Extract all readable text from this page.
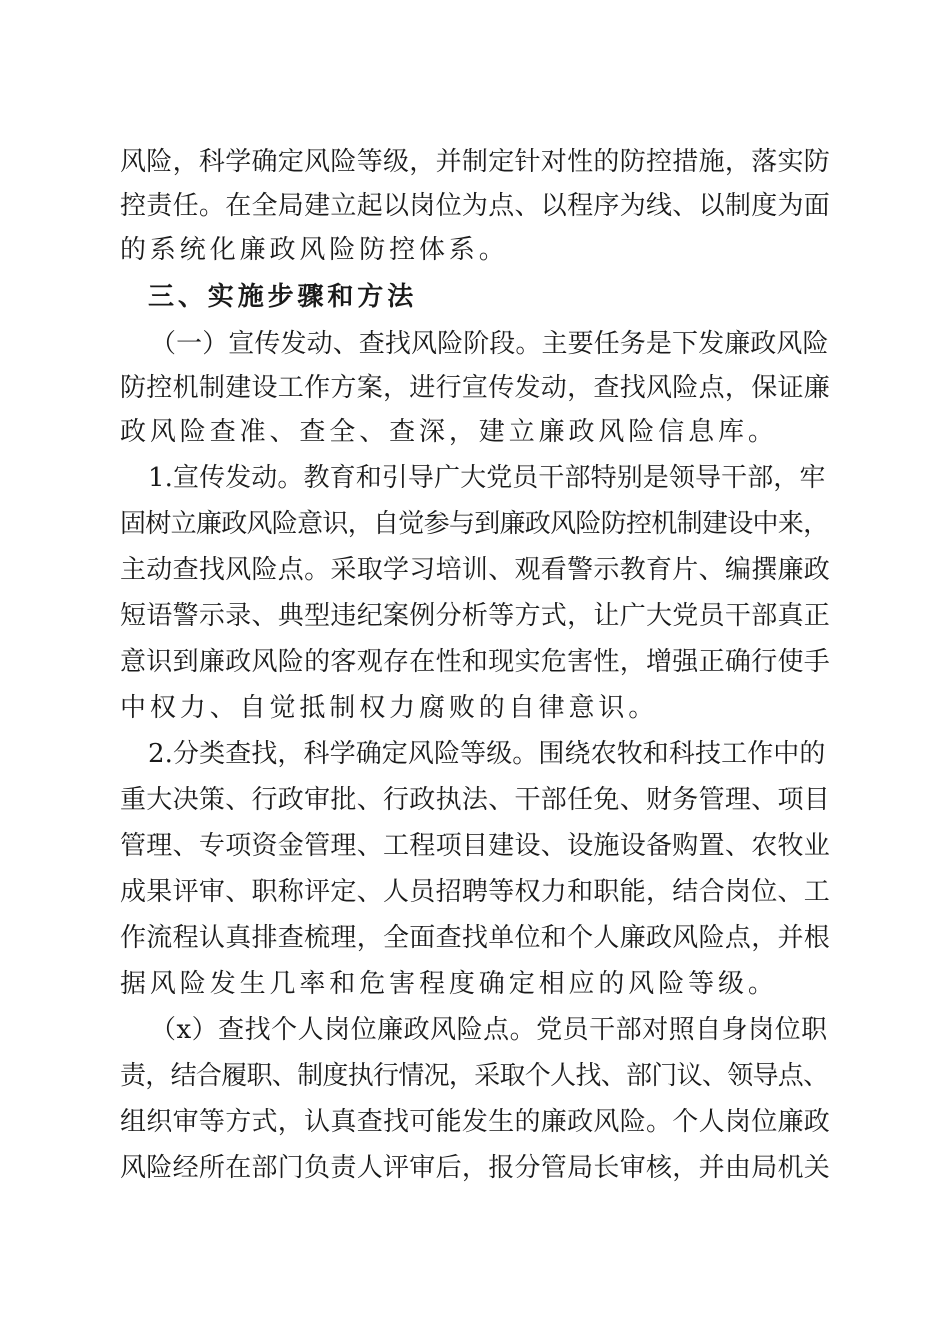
风险，科学确定风险等级，并制定针对性的防控措施，落实防
控责任。在全局建立起以岗位为点、以程序为线、以制度为面
的系统化廉政风险防控体系。
三、实施步骤和方法
（一）宣传发动、查找风险阶段。主要任务是下发廉政风险
防控机制建设工作方案，进行宣传发动，查找风险点，保证廉
政风险查准、查全、查深，建立廉政风险信息库。
1.宣传发动。教育和引导广大党员干部特别是领导干部，牢
固树立廉政风险意识，自觉参与到廉政风险防控机制建设中来，
主动查找风险点。采取学习培训、观看警示教育片、编撰廉政
短语警示录、典型违纪案例分析等方式，让广大党员干部真正
意识到廉政风险的客观存在性和现实危害性，增强正确行使手
中权力、自觉抵制权力腐败的自律意识。
2.分类查找，科学确定风险等级。围绕农牧和科技工作中的
重大决策、行政审批、行政执法、干部任免、财务管理、项目
管理、专项资金管理、工程项目建设、设施设备购置、农牧业
成果评审、职称评定、人员招聘等权力和职能，结合岗位、工
作流程认真排查梳理，全面查找单位和个人廉政风险点，并根
据风险发生几率和危害程度确定相应的风险等级。
（x）查找个人岗位廉政风险点。党员干部对照自身岗位职
责，结合履职、制度执行情况，采取个人找、部门议、领导点、
组织审等方式，认真查找可能发生的廉政风险。个人岗位廉政
风险经所在部门负责人评审后，报分管局长审核，并由局机关
